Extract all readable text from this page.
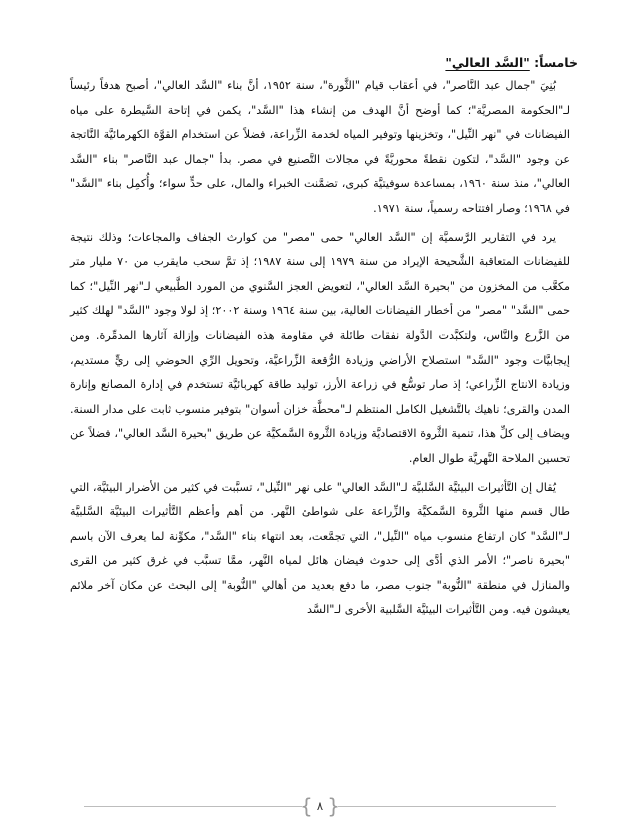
خامساً: "السَّد العالي"

بُنِيَ "جمال عبد النَّاصر"، في أعقاب قيام "الثَّورة"، سنة ١٩٥٢، أنَّ بناء "السَّد العالي"، أصبح هدفاً رئيساً لـ"الحكومة المصريَّة"؛ كما أوضح أنَّ الهدف من إنشاء هذا "السَّد"، يكمن في إتاحة السَّيطرة على مياه الفيضانات في "نهر النِّيل"، وتخزينها وتوفير المياه لخدمة الزِّراعة، فضلاً عن استخدام القوَّة الكهرمائيَّة النَّاتجة عن وجود "السَّد"، لتكون نقطةً محوريَّةً في مجالات التَّصنيع في مصر. بدأ "جمال عبد النَّاصر" بناء "السَّد العالي"، منذ سنة ١٩٦٠، بمساعدة سوفيتيَّة كبرى، تضمَّنت الخبراء والمال، على حدٍّ سواء؛ وأُكمِل بناء "السَّد" في ١٩٦٨؛ وصار افتتاحه رسمياً، سنة ١٩٧١.

يرد في التقارير الرَّسميَّة إن "السَّد العالي" حمى "مصر" من كوارث الجفاف والمجاعات؛ وذلك نتيجة للفيضانات المتعاقبة الشَّحيحة الإيراد من سنة ١٩٧٩ إلى سنة ١٩٨٧؛ إذ تمَّ سحب مايقرب من ٧٠ مليار متر مكعَّب من المخزون من "بحيرة السَّد العالي"، لتعويض العجز السَّنوي من المورد الطَّبيعي لـ"نهر النِّيل"؛ كما حمى "السَّد" "مصر" من أخطار الفيضانات العالية، بين سنة ١٩٦٤ وسنة ٢٠٠٢؛ إذ لولا وجود "السَّد" لهلك كثير من الزَّرع والنَّاس، ولتكبَّدت الدَّولة نفقات طائلة في مقاومة هذه الفيضانات وإزالة آثارها المدمِّرة. ومن إيجابيَّات وجود "السَّد" استصلاح الأراضي وزيادة الرُّقعة الزِّراعيَّة، وتحويل الرِّي الحوضي إلى ريٍّ مستديم، وزيادة الانتاج الزِّراعي؛ إذ صار توسُّع في زراعة الأرز، توليد طاقة كهربائيَّة تستخدم في إدارة المصانع وإنارة المدن والقرى؛ ناهيك بالتَّشغيل الكامل المنتظم لـ"محطَّة خزان أسوان" بتوفير منسوب ثابت على مدار السنة. ويضاف إلى كلِّ هذا، تنمية الثَّروة الاقتصاديَّة وزيادة الثَّروة السَّمكيَّة عن طريق "بحيرة السَّد العالي"، فضلاً عن تحسين الملاحة النَّهريَّة طوال العام.

يُقال إن التَّأثيرات البيئيَّة السَّلبيَّة لـ"السَّد العالي" على نهر "النِّيل"، تسبَّبت في كثير من الأضرار البيئيَّة، التي طال قسم منها الثَّروة السَّمكيَّة والزِّراعة على شواطئ النَّهر. من أهم وأعظم التَّأثيرات البيئيَّة السَّلبيَّة لـ"السَّد" كان ارتفاع منسوب مياه "النِّيل"، التي تجمَّعت، بعد انتهاء بناء "السَّد"، مكوِّنة لما يعرف الآن باسم "بحيرة ناصر"؛ الأمر الذي أدَّى إلى حدوث فيضان هائل لمياه النَّهر، ممَّا تسبَّب في غرق كثير من القرى والمنازل في منطقة "النُّوبة" جنوب مصر، ما دفع بعديد من أهالي "النُّوبة" إلى البحث عن مكان آخر ملائم يعيشون فيه. ومن التَّأثيرات البيئيَّة السَّلبية الأخرى لـ"السَّد

{
٨
}
